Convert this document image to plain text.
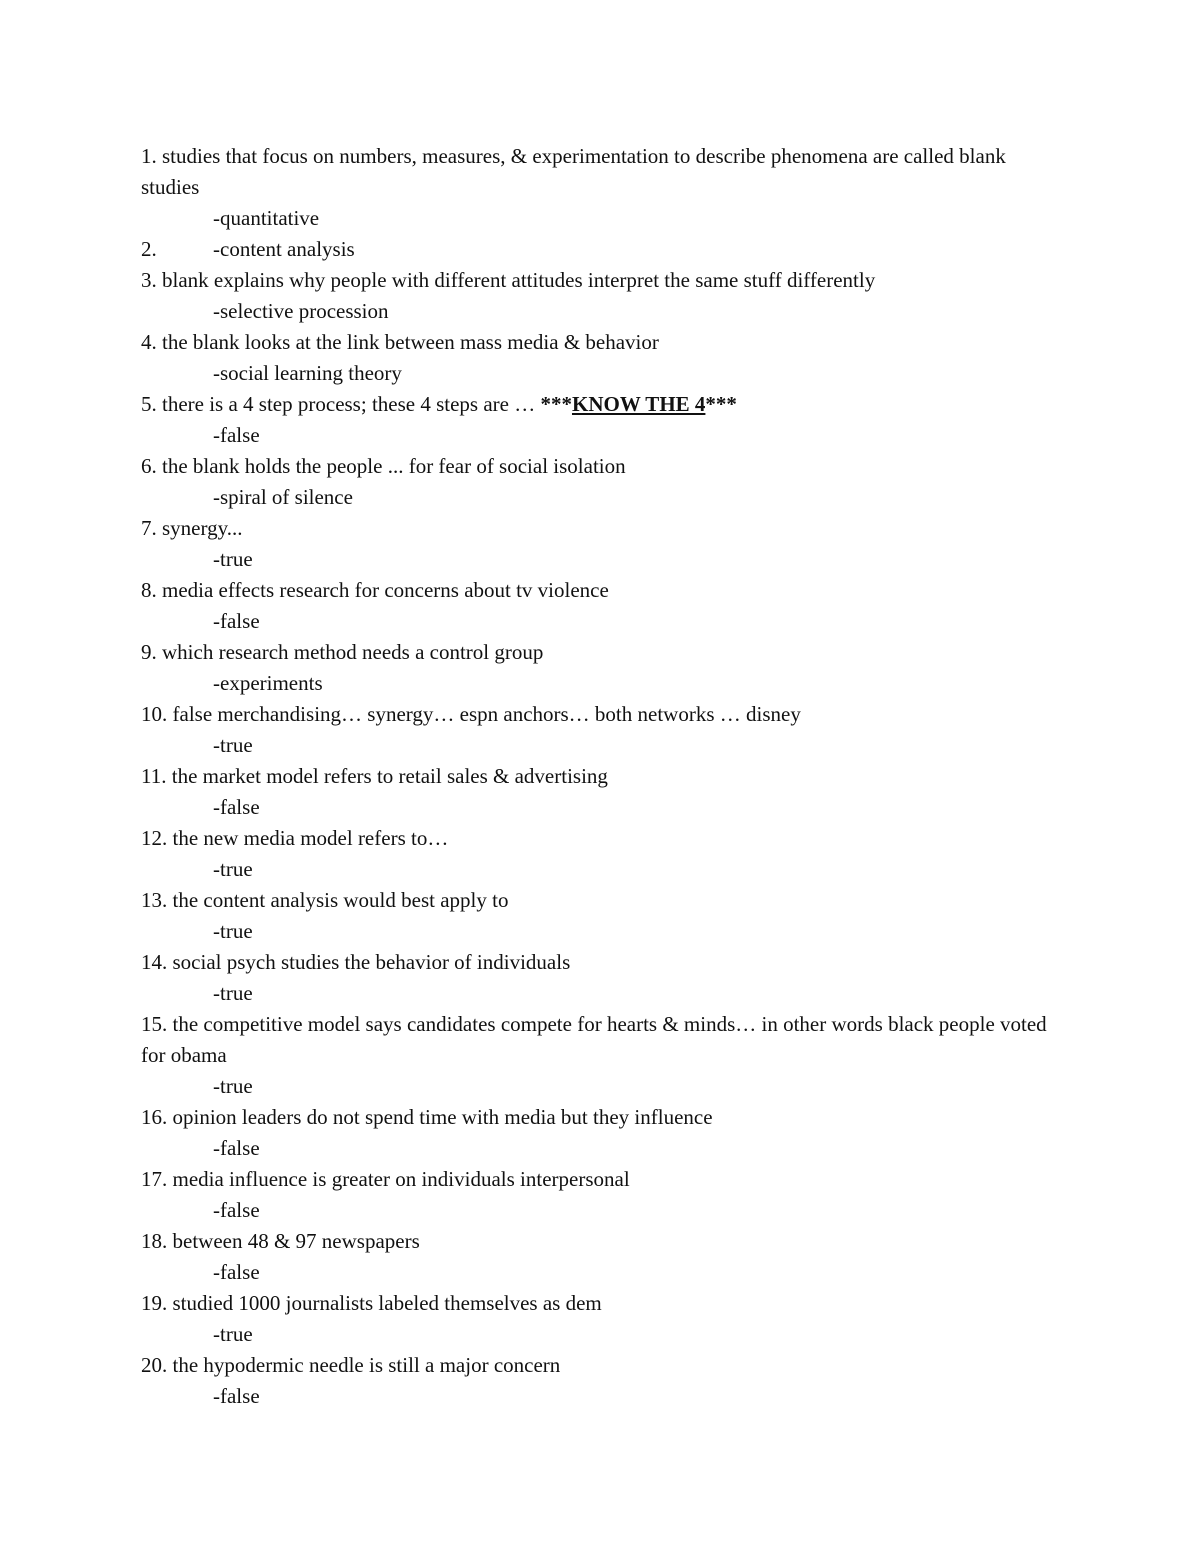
1. studies that focus on numbers, measures, & experimentation to describe phenomena are called blank studies
-quantitative
2.	-content analysis
3. blank explains why people with different attitudes interpret the same stuff differently
-selective procession
4. the blank looks at the link between mass media & behavior
-social learning theory
5. there is a 4 step process; these 4 steps are … ***KNOW THE 4***
-false
6. the blank holds the people ... for fear of social isolation
-spiral of silence
7. synergy...
-true
8. media effects research for concerns about tv violence
-false
9. which research method needs a control group
-experiments
10. false merchandising… synergy… espn anchors… both networks … disney
-true
11. the market model refers to retail sales & advertising
-false
12. the new media model refers to…
-true
13. the content analysis would best apply to
-true
14. social psych studies the behavior of individuals
-true
15. the competitive model says candidates compete for hearts & minds… in other words black people voted for obama
-true
16. opinion leaders do not spend time with media but they influence
-false
17. media influence is greater on individuals interpersonal
-false
18. between 48 & 97 newspapers
-false
19. studied 1000 journalists labeled themselves as dem
-true
20. the hypodermic needle is still a major concern
-false
